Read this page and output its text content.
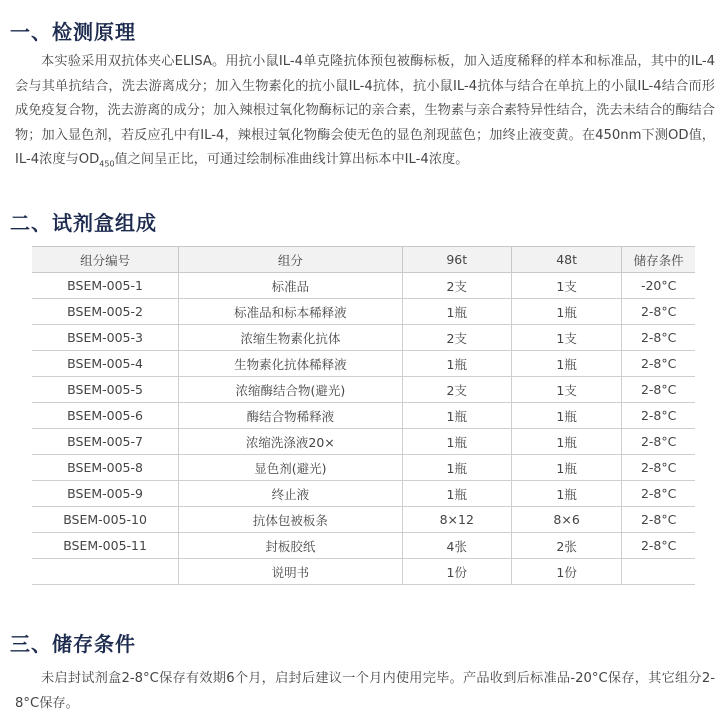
一、检测原理

本实验采用双抗体夹心ELISA。用抗小鼠IL-4单克隆抗体预包被酶标板，加入适度稀释的样本和标准品，其中的IL-4会与其单抗结合，洗去游离成分；加入生物素化的抗小鼠IL-4抗体，抗小鼠IL-4抗体与结合在单抗上的小鼠IL-4结合而形成免疫复合物，洗去游离的成分；加入辣根过氧化物酶标记的亲合素，生物素与亲合素特异性结合，洗去未结合的酶结合物；加入显色剂，若反应孔中有IL-4，辣根过氧化物酶会使无色的显色剂现蓝色；加终止液变黄。在450nm下测OD值，IL-4浓度与$OD_{450}$值之间呈正比，可通过绘制标准曲线计算出标本中IL-4浓度。

二、试剂盒组成
组分编号	组分	96t	48t	储存条件
BSEM-005-1	标准品	2支	1支	-20°C
BSEM-005-2	标准品和标本稀释液	1瓶	1瓶	2-8°C
BSEM-005-3	浓缩生物素化抗体	2支	1支	2-8°C
BSEM-005-4	生物素化抗体稀释液	1瓶	1瓶	2-8°C
BSEM-005-5	浓缩酶结合物(避光)	2支	1支	2-8°C
BSEM-005-6	酶结合物稀释液	1瓶	1瓶	2-8°C
BSEM-005-7	浓缩洗涤液20×	1瓶	1瓶	2-8°C
BSEM-005-8	显色剂(避光)	1瓶	1瓶	2-8°C
BSEM-005-9	终止液	1瓶	1瓶	2-8°C
BSEM-005-10	抗体包被板条	8×12	8×6	2-8°C
BSEM-005-11	封板胶纸	4张	2张	2-8°C
	说明书	1份	1份	
三、储存条件

未启封试剂盒2-8°C保存有效期6个月，启封后建议一个月内使用完毕。产品收到后标准品-20°C保存，其它组分2-8°C保存。
